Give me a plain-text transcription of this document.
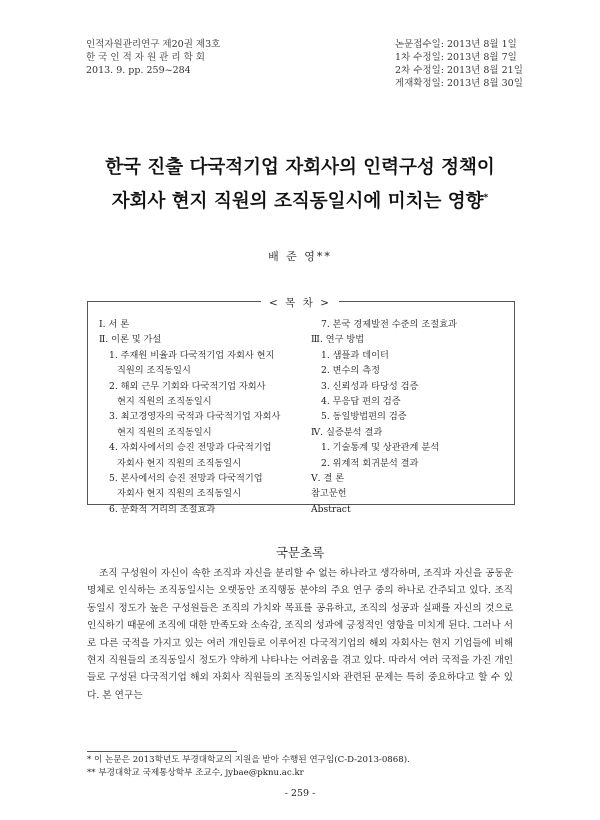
인적자원관리연구 제20권 제3호
한 국 인 적 자 원 관 리 학 회
2013. 9. pp. 259~284
논문접수일: 2013년 8월 1일
1차 수정일: 2013년 8월 7일
2차 수정일: 2013년 8월 21일
게재확정일: 2013년 8월 30일
한국 진출 다국적기업 자회사의 인력구성 정책이
자회사 현지 직원의 조직동일시에 미치는 영향*
배 준 영**
< 목 차 >
Ⅰ. 서 론
Ⅱ. 이론 및 가설
1. 주재원 비율과 다국적기업 자회사 현지
직원의 조직동일시
2. 해외 근무 기회와 다국적기업 자회사
현지 직원의 조직동일시
3. 최고경영자의 국적과 다국적기업 자회사
현지 직원의 조직동일시
4. 자회사에서의 승진 전망과 다국적기업
자회사 현지 직원의 조직동일시
5. 본사에서의 승진 전망과 다국적기업
자회사 현지 직원의 조직동일시
6. 문화적 거리의 조절효과
7. 본국 경제발전 수준의 조절효과
Ⅲ. 연구 방법
1. 샘플과 데이터
2. 변수의 측정
3. 신뢰성과 타당성 검증
4. 무응답 편의 검증
5. 동일방법편의 검증
Ⅳ. 실증분석 결과
1. 기술통계 및 상관관계 분석
2. 위계적 회귀분석 결과
Ⅴ. 결 론
참고문헌
Abstract
국문초록

조직 구성원이 자신이 속한 조직과 자신을 분리할 수 없는 하나라고 생각하며, 조직과 자신을 공동운명체로 인식하는 조직동일시는 오랫동안 조직행동 분야의 주요 연구 중의 하나로 간주되고 있다. 조직동일시 정도가 높은 구성원들은 조직의 가치와 목표를 공유하고, 조직의 성공과 실패를 자신의 것으로 인식하기 때문에 조직에 대한 만족도와 소속감, 조직의 성과에 긍정적인 영향을 미치게 된다. 그러나 서로 다른 국적을 가지고 있는 여러 개인들로 이루어진 다국적기업의 해외 자회사는 현지 기업들에 비해 현지 직원들의 조직동일시 정도가 약하게 나타나는 어려움을 겪고 있다. 따라서 여러 국적을 가진 개인들로 구성된 다국적기업 해외 자회사 직원들의 조직동일시와 관련된 문제는 특히 중요하다고 할 수 있다. 본 연구는

* 이 논문은 2013학년도 부경대학교의 지원을 받아 수행된 연구임(C-D-2013-0868).
** 부경대학교 국제통상학부 조교수, jybae@pknu.ac.kr
- 259 -
